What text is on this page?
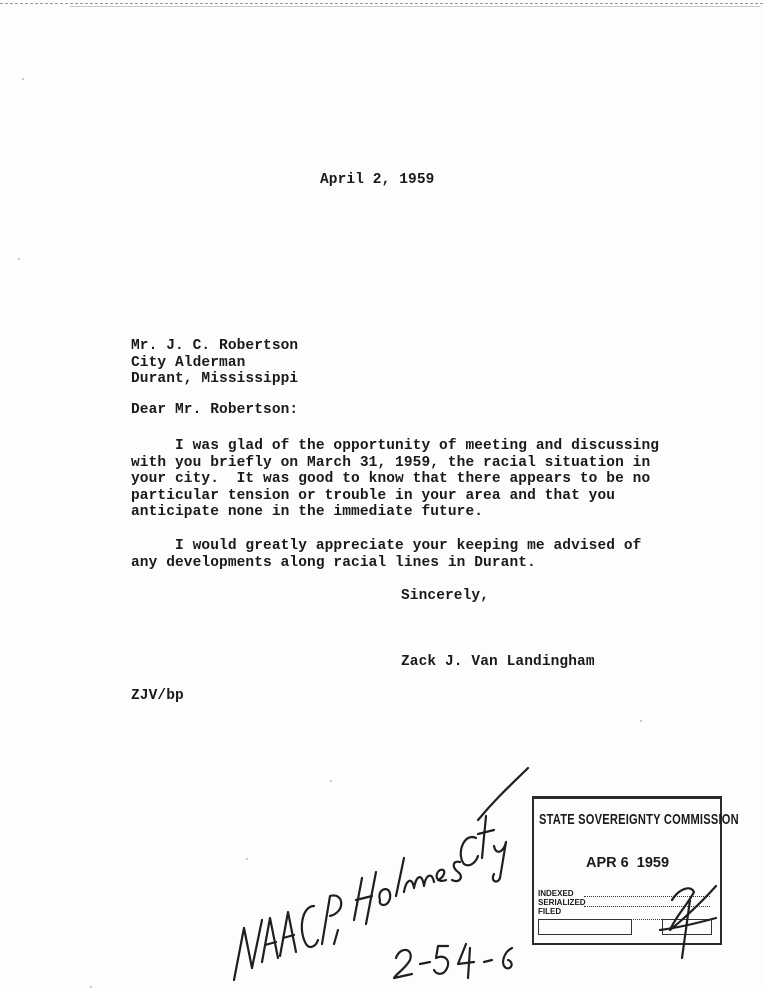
April 2, 1959
Mr. J. C. Robertson
City Alderman
Durant, Mississippi
Dear Mr. Robertson:
I was glad of the opportunity of meeting and discussing
with you briefly on March 31, 1959, the racial situation in
your city.  It was good to know that there appears to be no
particular tension or trouble in your area and that you
anticipate none in the immediate future.
I would greatly appreciate your keeping me advised of
any developments along racial lines in Durant.
Sincerely,
Zack J. Van Landingham
ZJV/bp
STATE SOVEREIGNTY COMMISSION
APR 6  1959
INDEXED
SERIALIZED
FILED
